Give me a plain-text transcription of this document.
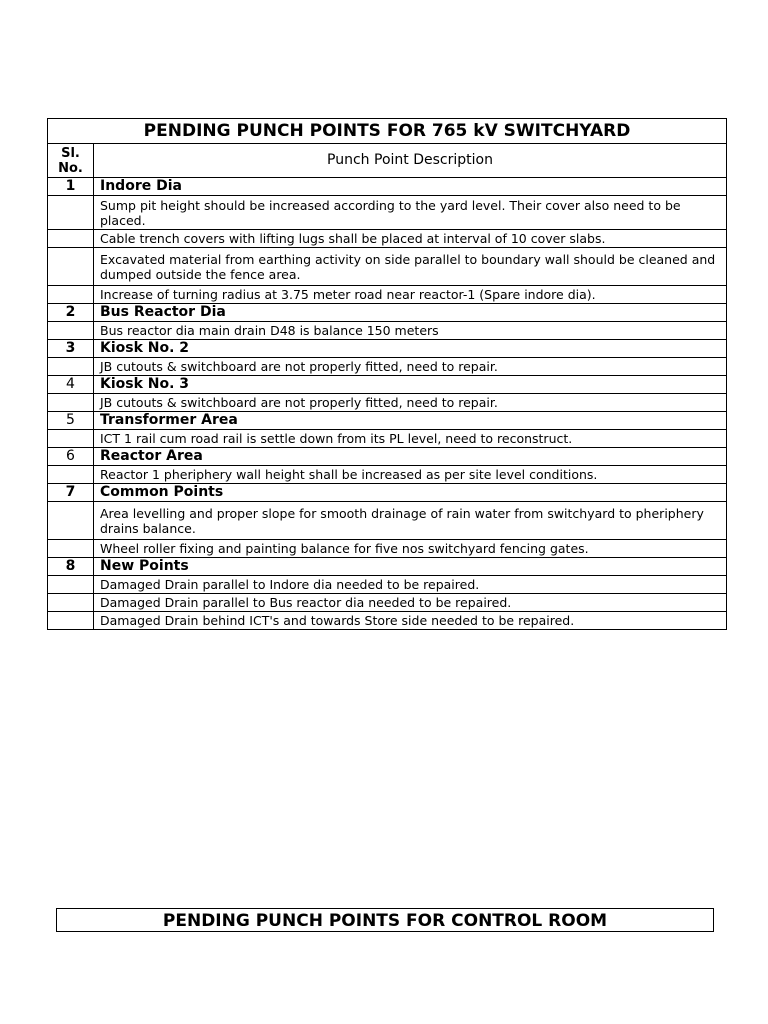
PENDING PUNCH POINTS FOR 765 kV SWITCHYARD	
Sl.
No.	Punch Point Description
1	Indore Dia
	Sump pit height should be increased according to the yard level. Their cover also need to be placed.
	Cable trench covers with lifting lugs shall be placed at interval of 10 cover slabs.
	Excavated material from earthing activity on side parallel to boundary wall should be cleaned and dumped outside the fence area.
	Increase of turning radius at 3.75 meter road near reactor-1 (Spare indore dia).
2	Bus Reactor Dia
	Bus reactor dia main drain D48 is balance 150 meters
3	Kiosk No. 2
	JB cutouts & switchboard are not properly fitted, need to repair.
4	Kiosk No. 3
	JB cutouts & switchboard are not properly fitted, need to repair.
5	Transformer Area
	ICT 1 rail cum road rail is settle down from its PL level, need to reconstruct.
6	Reactor Area
	Reactor 1 pheriphery wall height shall be increased as per site level conditions.
7	Common Points
	Area levelling and proper slope for smooth drainage of rain water from switchyard to pheriphery drains balance.
	Wheel roller fixing and painting balance for five nos switchyard fencing gates.
8	New Points
	Damaged Drain parallel to Indore dia needed to be repaired.
	Damaged Drain parallel to Bus reactor dia needed to be repaired.
	Damaged Drain behind ICT's and towards Store side needed to be repaired.
PENDING PUNCH POINTS FOR CONTROL ROOM
